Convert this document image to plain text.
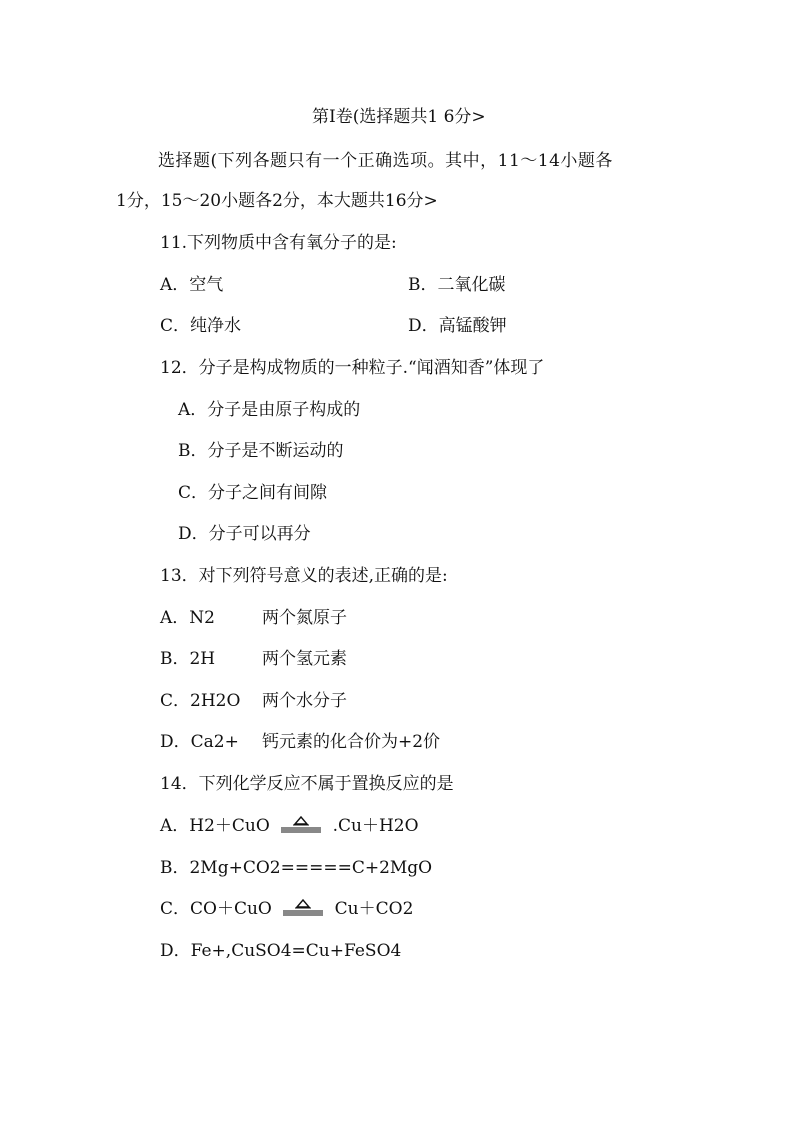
第Ⅰ卷(选择题共1 6分>
选择题(下列各题只有一个正确选项。其中，11～14小题各
1分，15～20小题各2分，本大题共16分>
11.下列物质中含有氧分子的是:
A．空气	B．二氧化碳
C．纯净水	D．高锰酸钾
12．分子是构成物质的一种粒子.“闻酒知香”体现了
A．分子是由原子构成的
B．分子是不断运动的
C．分子之间有间隙
D．分子可以再分
13．对下列符号意义的表述,正确的是:
A．N2	两个氮原子
B．2H	两个氢元素
C．2H2O 两个水分子
D．Ca2+ 钙元素的化合价为+2价
14．下列化学反应不属于置换反应的是
A．H2＋CuO	.Cu＋H2O
B．2Mg+CO2=====C+2MgO
C．CO＋CuO	Cu＋CO2
D．Fe+,CuSO4=Cu+FeSO4
